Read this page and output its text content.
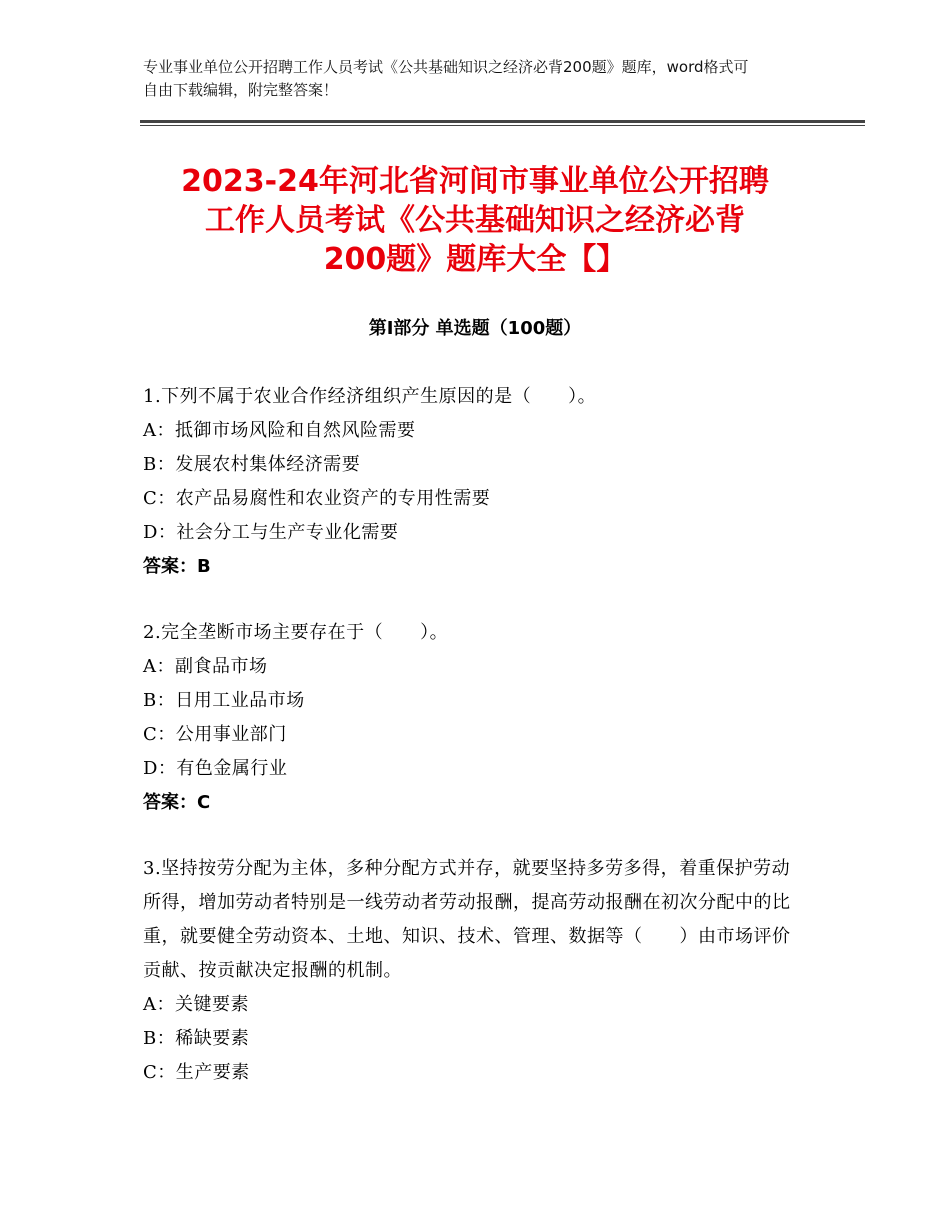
专业事业单位公开招聘工作人员考试《公共基础知识之经济必背200题》题库，word格式可自由下载编辑，附完整答案！
2023-24年河北省河间市事业单位公开招聘
工作人员考试《公共基础知识之经济必背
200题》题库大全【】
第I部分 单选题（100题）
1.下列不属于农业合作经济组织产生原因的是（　　）。
A：抵御市场风险和自然风险需要
B：发展农村集体经济需要
C：农产品易腐性和农业资产的专用性需要
D：社会分工与生产专业化需要
答案：B
2.完全垄断市场主要存在于（　　）。
A：副食品市场
B：日用工业品市场
C：公用事业部门
D：有色金属行业
答案：C
3.坚持按劳分配为主体，多种分配方式并存，就要坚持多劳多得，着重保护劳动所得，增加劳动者特别是一线劳动者劳动报酬，提高劳动报酬在初次分配中的比重，就要健全劳动资本、土地、知识、技术、管理、数据等（　　）由市场评价贡献、按贡献决定报酬的机制。
A：关键要素
B：稀缺要素
C：生产要素
